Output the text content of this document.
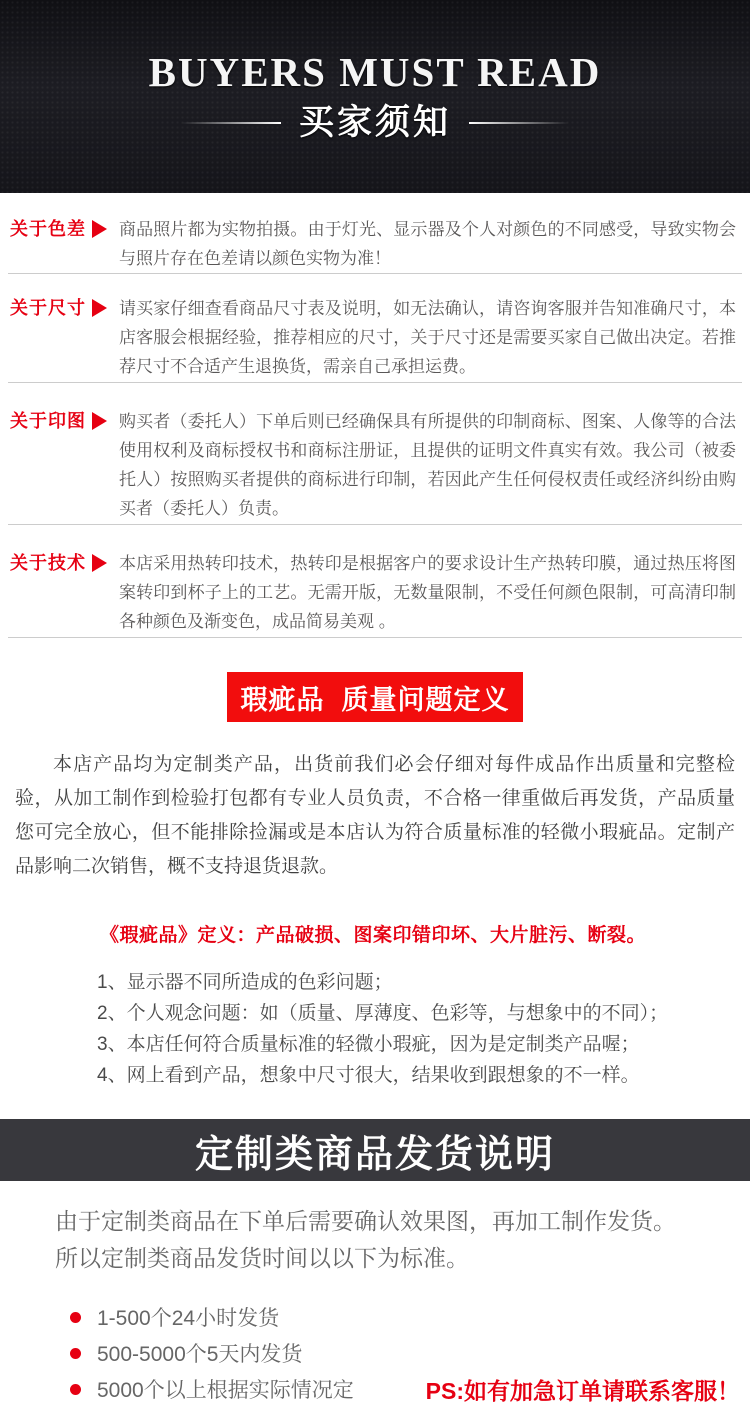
BUYERS MUST READ
买家须知
关于色差 商品照片都为实物拍摄。由于灯光、显示器及个人对颜色的不同感受，导致实物会与照片存在色差请以颜色实物为准！
关于尺寸 请买家仔细查看商品尺寸表及说明，如无法确认，请咨询客服并告知准确尺寸，本店客服会根据经验，推荐相应的尺寸，关于尺寸还是需要买家自己做出决定。若推荐尺寸不合适产生退换货，需亲自己承担运费。
关于印图 购买者（委托人）下单后则已经确保具有所提供的印制商标、图案、人像等的合法使用权利及商标授权书和商标注册证，且提供的证明文件真实有效。我公司（被委托人）按照购买者提供的商标进行印制，若因此产生任何侵权责任或经济纠纷由购买者（委托人）负责。
关于技术 本店采用热转印技术，热转印是根据客户的要求设计生产热转印膜，通过热压将图案转印到杯子上的工艺。无需开版，无数量限制，不受任何颜色限制，可高清印制各种颜色及渐变色，成品简易美观 。
瑕疵品  质量问题定义

本店产品均为定制类产品，出货前我们必会仔细对每件成品作出质量和完整检验，从加工制作到检验打包都有专业人员负责，不合格一律重做后再发货，产品质量您可完全放心，但不能排除捡漏或是本店认为符合质量标准的轻微小瑕疵品。定制产品影响二次销售，概不支持退货退款。

《瑕疵品》定义：产品破损、图案印错印坏、大片脏污、断裂。
1、显示器不同所造成的色彩问题；
2、个人观念问题：如（质量、厚薄度、色彩等，与想象中的不同）；
3、本店任何符合质量标准的轻微小瑕疵，因为是定制类产品喔；
4、网上看到产品，想象中尺寸很大，结果收到跟想象的不一样。
定制类商品发货说明
由于定制类商品在下单后需要确认效果图，再加工制作发货。
所以定制类商品发货时间以以下为标准。
1-500个24小时发货
500-5000个5天内发货
5000个以上根据实际情况定	PS:如有加急订单请联系客服！
